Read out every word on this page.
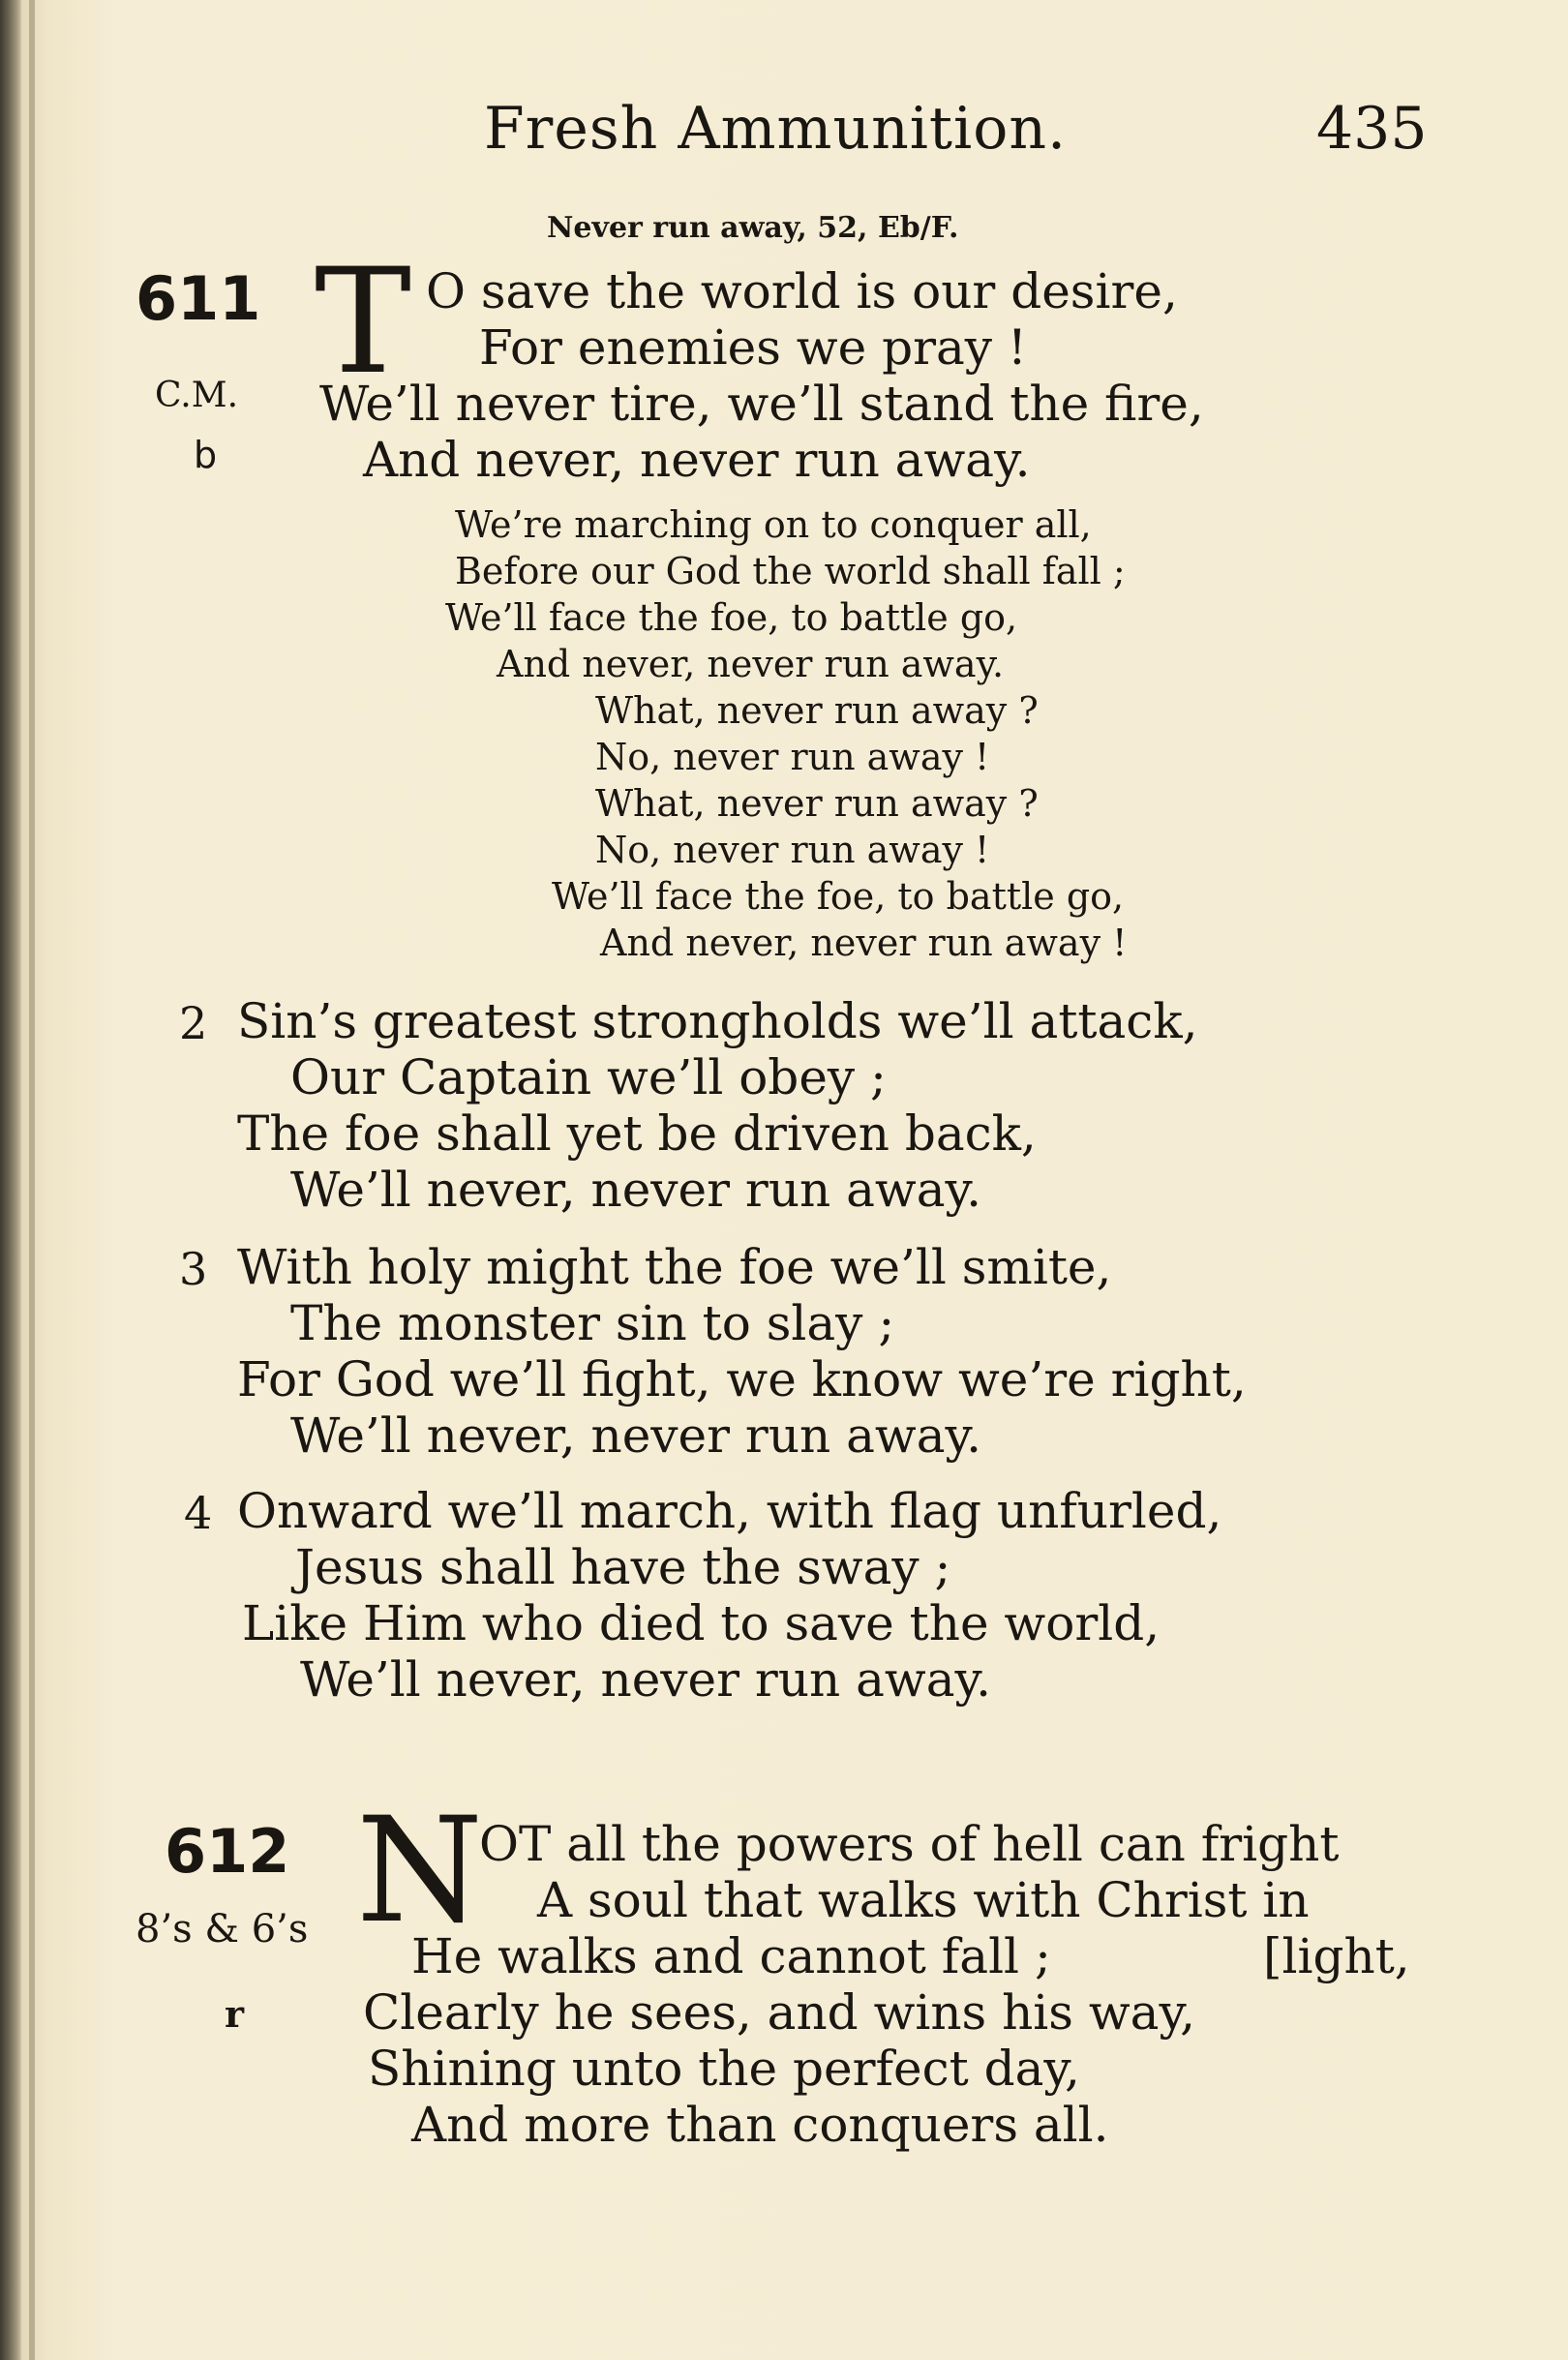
Fresh Ammunition.	435
Never run away, 52, Eb/F.
611
C.M.
b
T O save the world is our desire,
For enemies we pray !
We’ll never tire, we’ll stand the fire,
And never, never run away.
We’re marching on to conquer all,
Before our God the world shall fall ;
We’ll face the foe, to battle go,
And never, never run away.
What, never run away ?
No, never run away !
What, never run away ?
No, never run away !
We’ll face the foe, to battle go,
And never, never run away !
2 Sin’s greatest strongholds we’ll attack,
Our Captain we’ll obey ;
The foe shall yet be driven back,
We’ll never, never run away.
3 With holy might the foe we’ll smite,
The monster sin to slay ;
For God we’ll fight, we know we’re right,
We’ll never, never run away.
4 Onward we’ll march, with flag unfurled,
Jesus shall have the sway ;
Like Him who died to save the world,
We’ll never, never run away.
612
8’s & 6’s
r
N
OT all the powers of hell can fright
A soul that walks with Christ in
He walks and cannot fall ;	[light,
Clearly he sees, and wins his way,
Shining unto the perfect day,
And more than conquers all.
